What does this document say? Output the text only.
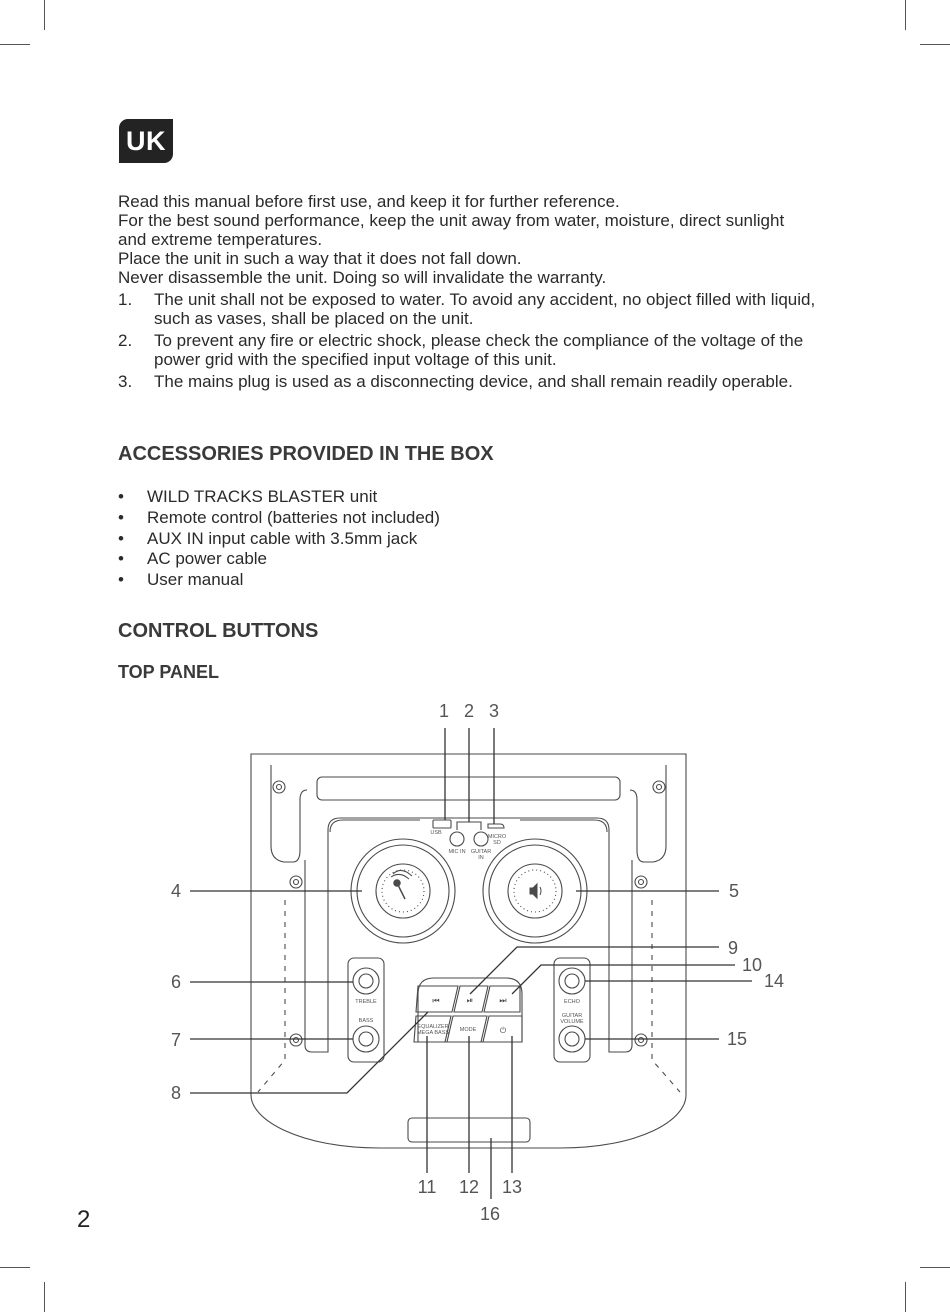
UK

Read this manual before first use, and keep it for further reference.

For the best sound performance, keep the unit away from water, moisture, direct sunlight and extreme temperatures.

Place the unit in such a way that it does not fall down.

Never disassemble the unit. Doing so will invalidate the warranty.

1. The unit shall not be exposed to water. To avoid any accident, no object filled with liquid, such as vases, shall be placed on the unit.
2. To prevent any fire or electric shock, please check the compliance of the voltage of the power grid with the specified input voltage of this unit.
3. The mains plug is used as a disconnecting device, and shall remain readily operable.
ACCESSORIES PROVIDED IN THE BOX
• WILD TRACKS BLASTER unit
• Remote control (batteries not included)
• AUX IN input cable with 3.5mm jack
• AC power cable
• User manual
CONTROL BUTTONS
TOP PANEL
USB
MICRO
SD
MIC IN GUITAR
IN
TREBLE
BASS
ECHO
GUITAR
VOLUME
EQUALIZER
MEGA BASS MODE
⏮	⏯	⏭
⏻
1 2 3
4	5
6
7
8
9
10
11 12 13
14
15
16
2
